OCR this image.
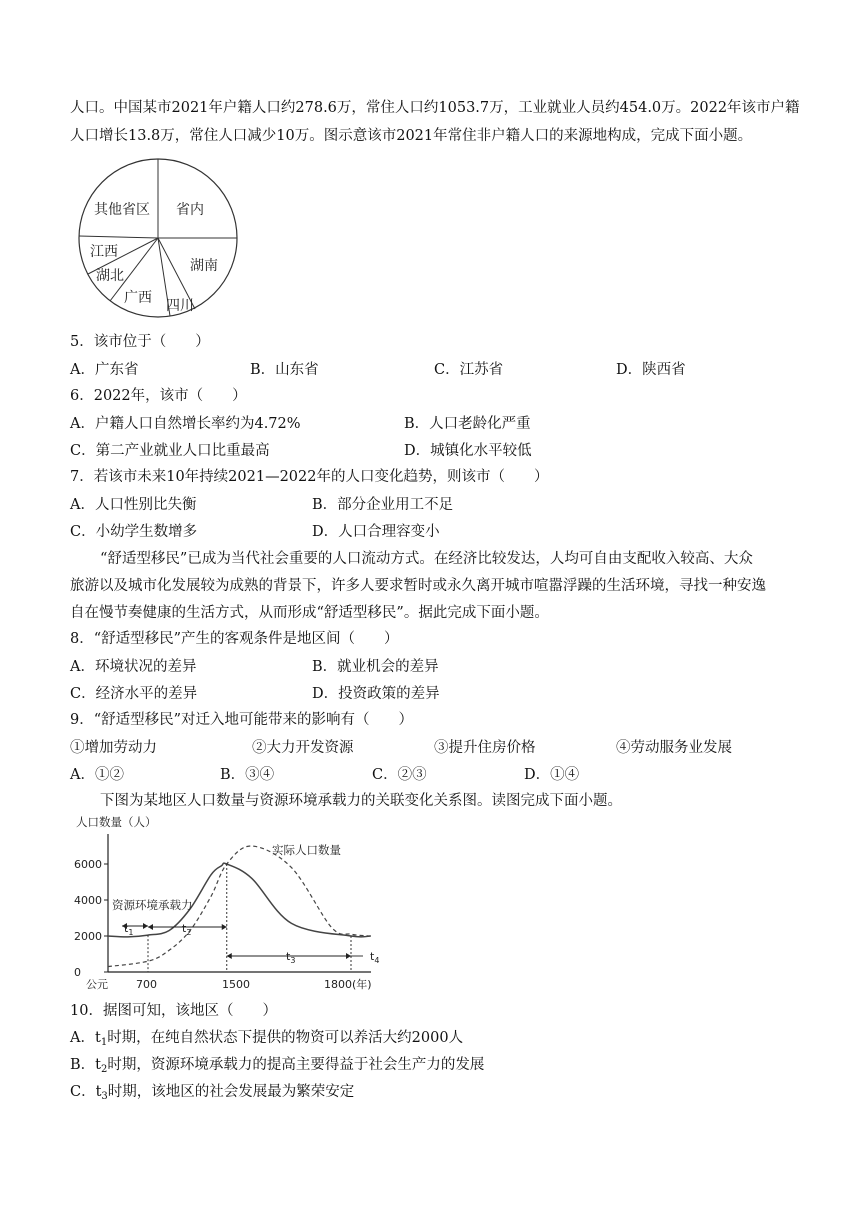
人口。中国某市2021年户籍人口约278.6万，常住人口约1053.7万，工业就业人员约454.0万。2022年该市户籍
人口增长13.8万，常住人口减少10万。图示意该市2021年常住非户籍人口的来源地构成，完成下面小题。
其他省区 省内
江西
湖北
广西
湖南
四川
5．该市位于（　　）
A．广东省	B．山东省	C．江苏省	D．陕西省
6．2022年，该市（　　）
A．户籍人口自然增长率约为4.72%	B．人口老龄化严重
C．第二产业就业人口比重最高	D．城镇化水平较低
7．若该市未来10年持续2021—2022年的人口变化趋势，则该市（　　）
A．人口性别比失衡	B．部分企业用工不足
C．小幼学生数增多	D．人口合理容变小
“舒适型移民”已成为当代社会重要的人口流动方式。在经济比较发达，人均可自由支配收入较高、大众
旅游以及城市化发展较为成熟的背景下，许多人要求暂时或永久离开城市喧嚣浮躁的生活环境，寻找一种安逸
自在慢节奏健康的生活方式，从而形成“舒适型移民”。据此完成下面小题。
8．“舒适型移民”产生的客观条件是地区间（　　）
A．环境状况的差异	B．就业机会的差异
C．经济水平的差异	D．投资政策的差异
9．“舒适型移民”对迁入地可能带来的影响有（　　）
①增加劳动力	②大力开发资源	③提升住房价格	④劳动服务业发展
A．①②	B．③④	C．②③	D．①④
下图为某地区人口数量与资源环境承载力的关联变化关系图。读图完成下面小题。
人口数量（人）
6000
4000
2000
0
公元	700	1500	1800(年)
资源环境承载力
实际人口数量
$t_1$	$t_2$
$t_3$	$t_4$
10．据图可知，该地区（　　）
A．$t_1$时期，在纯自然状态下提供的物资可以养活大约2000人
B．$t_2$时期，资源环境承载力的提高主要得益于社会生产力的发展
C．$t_3$时期，该地区的社会发展最为繁荣安定
